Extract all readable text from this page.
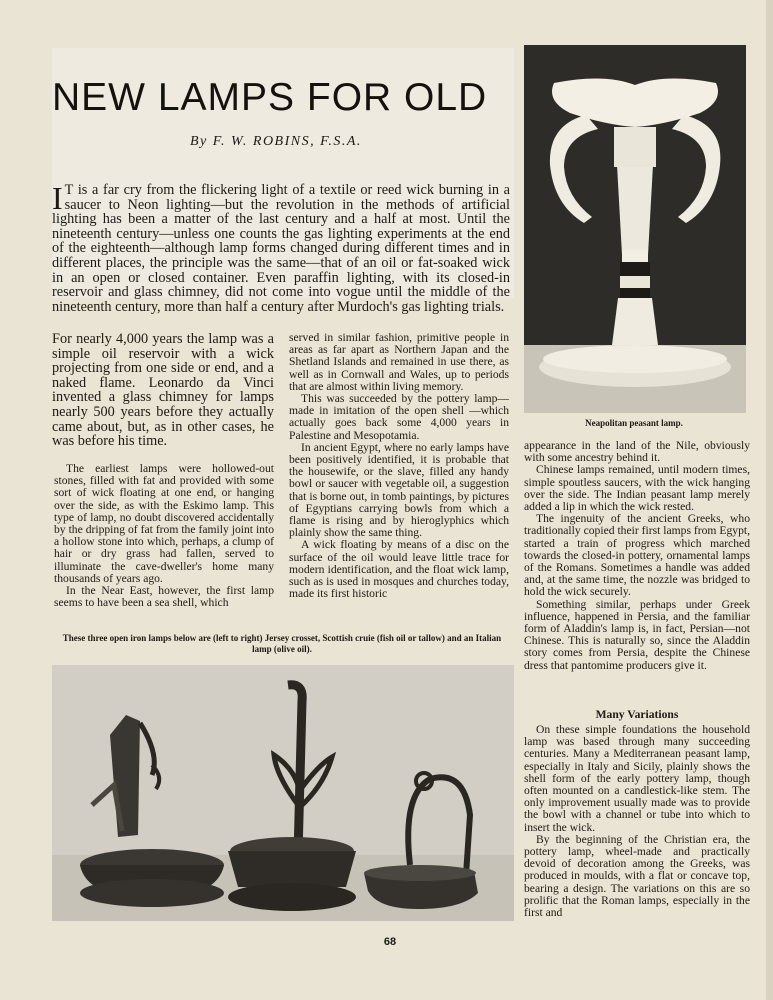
NEW LAMPS FOR OLD
By F. W. ROBINS, F.S.A.
I T is a far cry from the flickering light of a textile or reed wick burning in a saucer to Neon lighting—but the revolution in the methods of artificial lighting has been a matter of the last century and a half at most. Until the nineteenth century—unless one counts the gas lighting experiments at the end of the eighteenth—although lamp forms changed during different times and in different places, the principle was the same—that of an oil or fat-soaked wick in an open or closed container. Even paraffin lighting, with its closed-in reservoir and glass chimney, did not come into vogue until the middle of the nineteenth century, more than half a century after Murdoch's gas lighting trials.
For nearly 4,000 years the lamp was a simple oil reservoir with a wick projecting from one side or end, and a naked flame. Leonardo da Vinci invented a glass chimney for lamps nearly 500 years before they actually came about, but, as in other cases, he was before his time.

The earliest lamps were hollowed-out stones, filled with fat and provided with some sort of wick floating at one end, or hanging over the side, as with the Eskimo lamp. This type of lamp, no doubt discovered accidentally by the dripping of fat from the family joint into a hollow stone into which, perhaps, a clump of hair or dry grass had fallen, served to illuminate the cave-dweller's home many thousands of years ago.

In the Near East, however, the first lamp seems to have been a sea shell, which

served in similar fashion, primitive people in areas as far apart as Northern Japan and the Shetland Islands and remained in use there, as well as in Cornwall and Wales, up to periods that are almost within living memory.

This was succeeded by the pottery lamp—made in imitation of the open shell —which actually goes back some 4,000 years in Palestine and Mesopotamia.

In ancient Egypt, where no early lamps have been positively identified, it is probable that the housewife, or the slave, filled any handy bowl or saucer with vegetable oil, a suggestion that is borne out, in tomb paintings, by pictures of Egyptians carrying bowls from which a flame is rising and by hieroglyphics which plainly show the same thing.

A wick floating by means of a disc on the surface of the oil would leave little trace for modern identification, and the float wick lamp, such as is used in mosques and churches today, made its first historic

Neapolitan peasant lamp.

appearance in the land of the Nile, obviously with some ancestry behind it.

Chinese lamps remained, until modern times, simple spoutless saucers, with the wick hanging over the side. The Indian peasant lamp merely added a lip in which the wick rested.

The ingenuity of the ancient Greeks, who traditionally copied their first lamps from Egypt, started a train of progress which marched towards the closed-in pottery, ornamental lamps of the Romans. Sometimes a handle was added and, at the same time, the nozzle was bridged to hold the wick securely.

Something similar, perhaps under Greek influence, happened in Persia, and the familiar form of Aladdin's lamp is, in fact, Persian—not Chinese. This is naturally so, since the Aladdin story comes from Persia, despite the Chinese dress that pantomime producers give it.

Many Variations

On these simple foundations the household lamp was based through many succeeding centuries. Many a Mediterranean peasant lamp, especially in Italy and Sicily, plainly shows the shell form of the early pottery lamp, though often mounted on a candlestick-like stem. The only improvement usually made was to provide the bowl with a channel or tube into which to insert the wick.

By the beginning of the Christian era, the pottery lamp, wheel-made and practically devoid of decoration among the Greeks, was produced in moulds, with a flat or concave top, bearing a design. The variations on this are so prolific that the Roman lamps, especially in the first and

These three open iron lamps below are (left to right) Jersey crosset, Scottish cruie (fish oil or tallow) and an Italian lamp (olive oil).
68
